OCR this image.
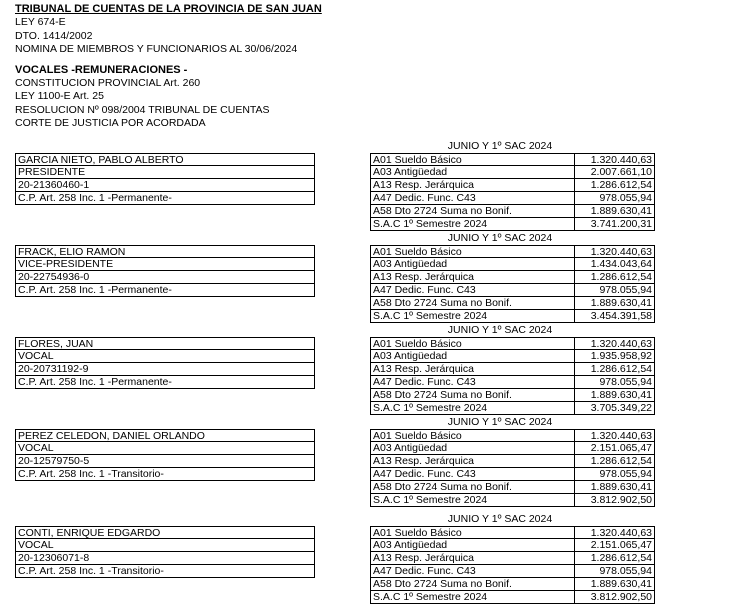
TRIBUNAL DE CUENTAS DE LA PROVINCIA DE SAN JUAN
LEY 674-E
DTO. 1414/2002
NOMINA DE MIEMBROS Y FUNCIONARIOS AL 30/06/2024
VOCALES -REMUNERACIONES -
CONSTITUCION PROVINCIAL Art. 260
LEY 1100-E Art. 25
RESOLUCION Nº 098/2004 TRIBUNAL DE CUENTAS
CORTE DE JUSTICIA POR ACORDADA
JUNIO Y 1º SAC 2024
GARCIA NIETO, PABLO ALBERTO
PRESIDENTE
20-21360460-1
C.P. Art. 258 Inc. 1 -Permanente-
A01 Sueldo Básico
A03 Antigüedad
A13 Resp. Jerárquica
A47 Dedic. Func. C43
A58 Dto 2724 Suma no Bonif.
S.A.C 1º Semestre 2024
1.320.440,63
2.007.661,10
1.286.612,54
978.055,94
1.889.630,41
3.741.200,31
JUNIO Y 1º SAC 2024
FRACK, ELIO RAMON
VICE-PRESIDENTE
20-22754936-0
C.P. Art. 258 Inc. 1 -Permanente-
A01 Sueldo Básico
A03 Antigüedad
A13 Resp. Jerárquica
A47 Dedic. Func. C43
A58 Dto 2724 Suma no Bonif.
S.A.C 1º Semestre 2024
1.320.440,63
1.434.043,64
1.286.612,54
978.055,94
1.889.630,41
3.454.391,58
JUNIO Y 1º SAC 2024
FLORES, JUAN
VOCAL
20-20731192-9
C.P. Art. 258 Inc. 1 -Permanente-
A01 Sueldo Básico
A03 Antigüedad
A13 Resp. Jerárquica
A47 Dedic. Func. C43
A58 Dto 2724 Suma no Bonif.
S.A.C 1º Semestre 2024
1.320.440,63
1.935.958,92
1.286.612,54
978.055,94
1.889.630,41
3.705.349,22
JUNIO Y 1º SAC 2024
PEREZ CELEDON, DANIEL ORLANDO
VOCAL
20-12579750-5
C.P. Art. 258 Inc. 1 -Transitorio-
A01 Sueldo Básico
A03 Antigüedad
A13 Resp. Jerárquica
A47 Dedic. Func. C43
A58 Dto 2724 Suma no Bonif.
S.A.C 1º Semestre 2024
1.320.440,63
2.151.065,47
1.286.612,54
978.055,94
1.889.630,41
3.812.902,50
JUNIO Y 1º SAC 2024
CONTI, ENRIQUE EDGARDO
VOCAL
20-12306071-8
C.P. Art. 258 Inc. 1 -Transitorio-
A01 Sueldo Básico
A03 Antigüedad
A13 Resp. Jerárquica
A47 Dedic. Func. C43
A58 Dto 2724 Suma no Bonif.
S.A.C 1º Semestre 2024
1.320.440,63
2.151.065,47
1.286.612,54
978.055,94
1.889.630,41
3.812.902,50
